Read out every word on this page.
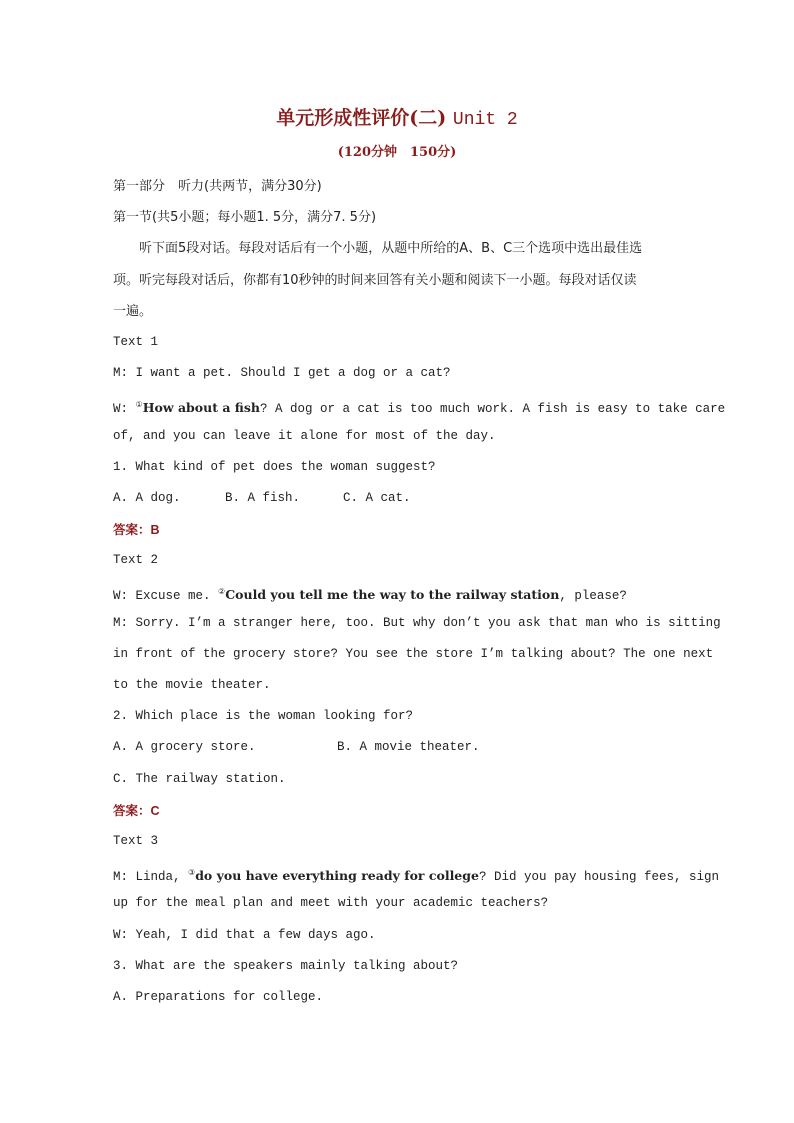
单元形成性评价(二) Unit 2
(120分钟　150分)
第一部分　听力(共两节，满分30分)
第一节(共5小题；每小题1. 5分，满分7. 5分)
听下面5段对话。每段对话后有一个小题，从题中所给的A、B、C三个选项中选出最佳选
项。听完每段对话后，你都有10秒钟的时间来回答有关小题和阅读下一小题。每段对话仅读
一遍。
Text 1
M: I want a pet. Should I get a dog or a cat?
W: ①How about a fish? A dog or a cat is too much work. A fish is easy to take care
of, and you can leave it alone for most of the day.
1. What kind of pet does the woman suggest?
A. A dog.	B. A fish.	C. A cat.
答案：B
Text 2
W: Excuse me. ②Could you tell me the way to the railway station, please?
M: Sorry. I’m a stranger here, too. But why don’t you ask that man who is sitting
in front of the grocery store? You see the store I’m talking about? The one next
to the movie theater.
2. Which place is the woman looking for?
A. A grocery store.	B. A movie theater.
C. The railway station.
答案：C
Text 3
M: Linda, ③do you have everything ready for college? Did you pay housing fees, sign
up for the meal plan and meet with your academic teachers?
W: Yeah, I did that a few days ago.
3. What are the speakers mainly talking about?
A. Preparations for college.
